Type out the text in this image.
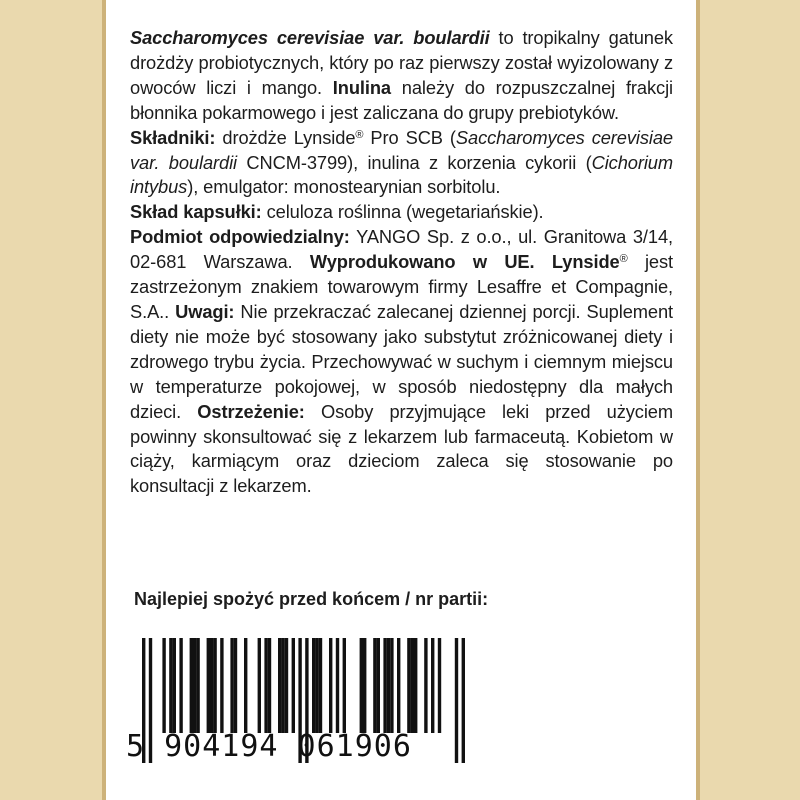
Saccharomyces cerevisiae var. boulardii to tropikalny gatunek drożdży probiotycznych, który po raz pierwszy został wyizolowany z owoców liczi i mango. Inulina należy do rozpuszczalnej frakcji błonnika pokarmowego i jest zaliczana do grupy prebiotyków.

Składniki: drożdże Lynside® Pro SCB (Saccharomyces cerevisiae var. boulardii CNCM-3799), inulina z korzenia cykorii (Cichorium intybus), emulgator: monostearynian sorbitolu.

Skład kapsułki: celuloza roślinna (wegetariańskie).

Podmiot odpowiedzialny: YANGO Sp. z o.o., ul. Granitowa 3/14, 02-681 Warszawa. Wyprodukowano w UE. Lynside® jest zastrzeżonym znakiem towarowym firmy Lesaffre et Compagnie, S.A.. Uwagi: Nie przekraczać zalecanej dziennej porcji. Suplement diety nie może być stosowany jako substytut zróżnicowanej diety i zdrowego trybu życia. Przechowywać w suchym i ciemnym miejscu w temperaturze pokojowej, w sposób niedostępny dla małych dzieci. Ostrzeżenie: Osoby przyjmujące leki przed użyciem powinny skonsultować się z lekarzem lub farmaceutą. Kobietom w ciąży, karmiącym oraz dzieciom zaleca się stosowanie po konsultacji z lekarzem.

Najlepiej spożyć przed końcem / nr partii:
5 904194 061906
